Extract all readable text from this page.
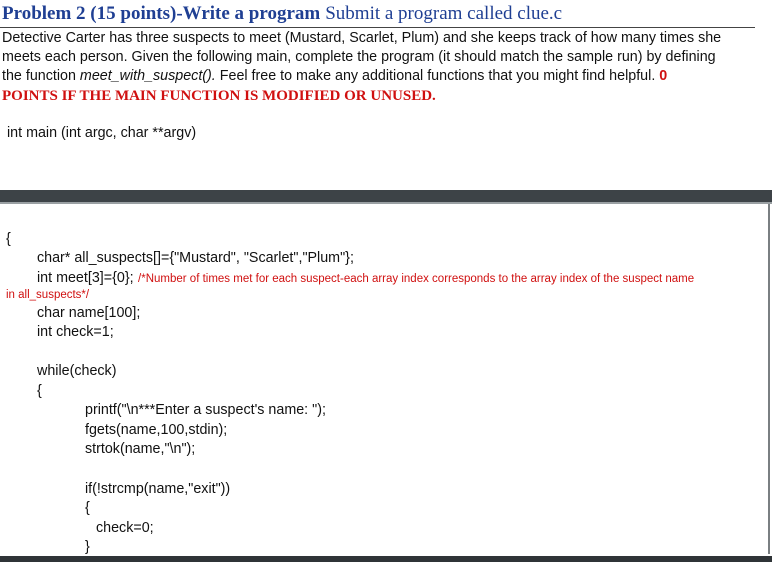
Problem 2 (15 points)-Write a program Submit a program called clue.c
Detective Carter has three suspects to meet (Mustard, Scarlet, Plum) and she keeps track of how many times she
meets each person. Given the following main, complete the program (it should match the sample run) by defining
the function meet_with_suspect(). Feel free to make any additional functions that you might find helpful. 0
POINTS IF THE MAIN FUNCTION IS MODIFIED OR UNUSED.
int main (int argc, char **argv)
{
char* all_suspects[]={"Mustard", "Scarlet","Plum"};
int meet[3]={0}; /*Number of times met for each suspect-each array index corresponds to the array index of the suspect name
in all_suspects*/
char name[100];
int check=1;
while(check)
{
printf("\n***Enter a suspect's name: ");
fgets(name,100,stdin);
strtok(name,"\n");
if(!strcmp(name,"exit"))
{
check=0;
}
